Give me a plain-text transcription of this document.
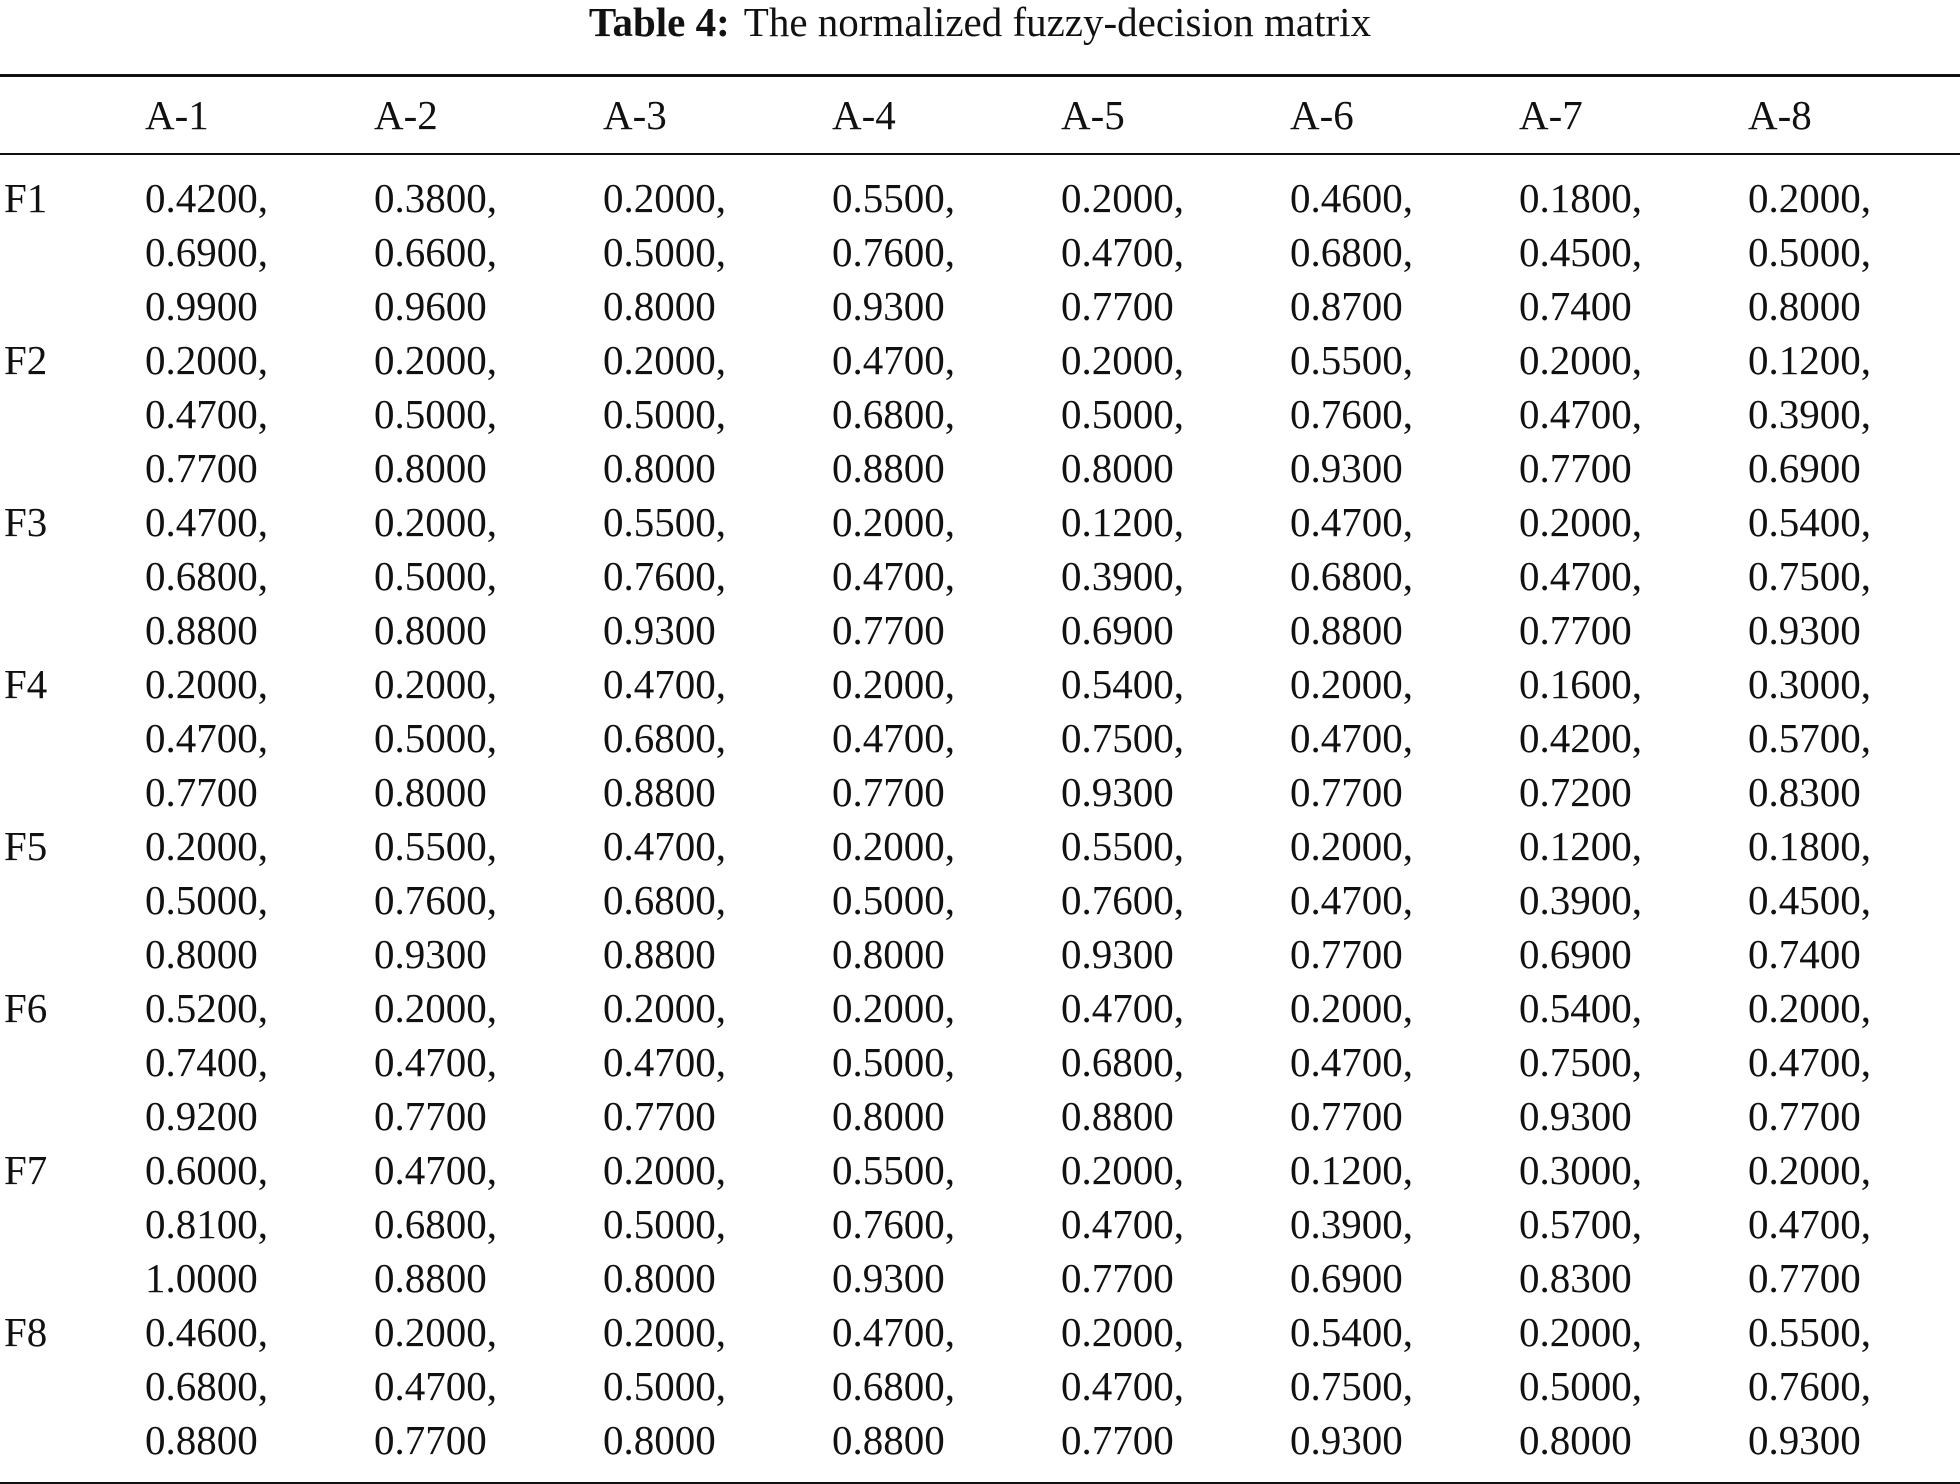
Table 4: The normalized fuzzy-decision matrix
	A-1	A-2	A-3	A-4	A-5	A-6	A-7	A-8

F1	0.4200,
0.6900,
0.9900	0.3800,
0.6600,
0.9600	0.2000,
0.5000,
0.8000	0.5500,
0.7600,
0.9300	0.2000,
0.4700,
0.7700	0.4600,
0.6800,
0.8700	0.1800,
0.4500,
0.7400	0.2000,
0.5000,
0.8000

F2	0.2000,
0.4700,
0.7700	0.2000,
0.5000,
0.8000	0.2000,
0.5000,
0.8000	0.4700,
0.6800,
0.8800	0.2000,
0.5000,
0.8000	0.5500,
0.7600,
0.9300	0.2000,
0.4700,
0.7700	0.1200,
0.3900,
0.6900

F3	0.4700,
0.6800,
0.8800	0.2000,
0.5000,
0.8000	0.5500,
0.7600,
0.9300	0.2000,
0.4700,
0.7700	0.1200,
0.3900,
0.6900	0.4700,
0.6800,
0.8800	0.2000,
0.4700,
0.7700	0.5400,
0.7500,
0.9300

F4	0.2000,
0.4700,
0.7700	0.2000,
0.5000,
0.8000	0.4700,
0.6800,
0.8800	0.2000,
0.4700,
0.7700	0.5400,
0.7500,
0.9300	0.2000,
0.4700,
0.7700	0.1600,
0.4200,
0.7200	0.3000,
0.5700,
0.8300

F5	0.2000,
0.5000,
0.8000	0.5500,
0.7600,
0.9300	0.4700,
0.6800,
0.8800	0.2000,
0.5000,
0.8000	0.5500,
0.7600,
0.9300	0.2000,
0.4700,
0.7700	0.1200,
0.3900,
0.6900	0.1800,
0.4500,
0.7400

F6	0.5200,
0.7400,
0.9200	0.2000,
0.4700,
0.7700	0.2000,
0.4700,
0.7700	0.2000,
0.5000,
0.8000	0.4700,
0.6800,
0.8800	0.2000,
0.4700,
0.7700	0.5400,
0.7500,
0.9300	0.2000,
0.4700,
0.7700

F7	0.6000,
0.8100,
1.0000	0.4700,
0.6800,
0.8800	0.2000,
0.5000,
0.8000	0.5500,
0.7600,
0.9300	0.2000,
0.4700,
0.7700	0.1200,
0.3900,
0.6900	0.3000,
0.5700,
0.8300	0.2000,
0.4700,
0.7700

F8	0.4600,
0.6800,
0.8800	0.2000,
0.4700,
0.7700	0.2000,
0.5000,
0.8000	0.4700,
0.6800,
0.8800	0.2000,
0.4700,
0.7700	0.5400,
0.7500,
0.9300	0.2000,
0.5000,
0.8000	0.5500,
0.7600,
0.9300
